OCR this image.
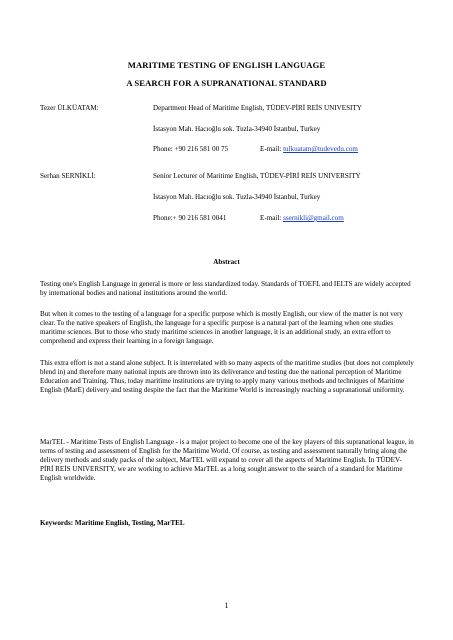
MARITIME TESTING OF ENGLISH LANGUAGE
A SEARCH FOR A SUPRANATIONAL STANDARD
Tezer ÜLKÜATAM:	Department Head of Maritime English, TÜDEV-PİRİ REİS UNIVESITY
İstasyon Mah. Hacıoğlu sok. Tuzla-34940 İstanbul, Turkey
Phone: +90 216 581 00 75	E-mail: tulkuatam@tudevedu.com
Serhan SERNİKLİ:	Senior Lecturer of Maritime English, TÜDEV-PİRİ REİS UNIVERSITY
İstasyon Mah. Hacıoğlu sok. Tuzla-34940 İstanbul, Turkey
Phone:+ 90 216 581 0041	E-mail: ssernikli@gmail.com
Abstract
Testing one's English Language in general is more or less standardized today. Standards of TOEFL and IELTS are widely accepted by international bodies and national institutions around the world.
But when it comes to the testing of a language for a specific purpose which is mostly English, our view of the matter is not very clear. To the native speakers of English, the language for a specific purpose is a natural part of the learning when one studies maritime sciences. But to those who study maritime sciences in another language, it is an additional study, an extra effort to comprehend and express their learning in a foreign language.
This extra effort is not a stand alone subject. It is interrelated with so many aspects of the maritime studies (but does not completely blend in) and therefore many national inputs are thrown into its deliverance and testing due the national perception of Maritime Education and Training. Thus, today maritime institutions are trying to apply many various methods and techniques of Maritime English (MarE) delivery and testing despite the fact that the Maritime World is increasingly reaching a supranational uniformity.
MarTEL - Maritime Tests of English Language - is a major project to become one of the key players of this supranational league, in terms of testing and assessment of English for the Maritime World. Of course, as testing and assessment naturally bring along the delivery methods and study packs of the subject, MarTEL will expand to cover all the aspects of Maritime English. In TÜDEV-PİRİ REİS UNIVERSITY, we are working to achieve MarTEL as a long sought answer to the search of a standard for Maritime English worldwide.
Keywords: Maritime English, Testing, MarTEL
1
